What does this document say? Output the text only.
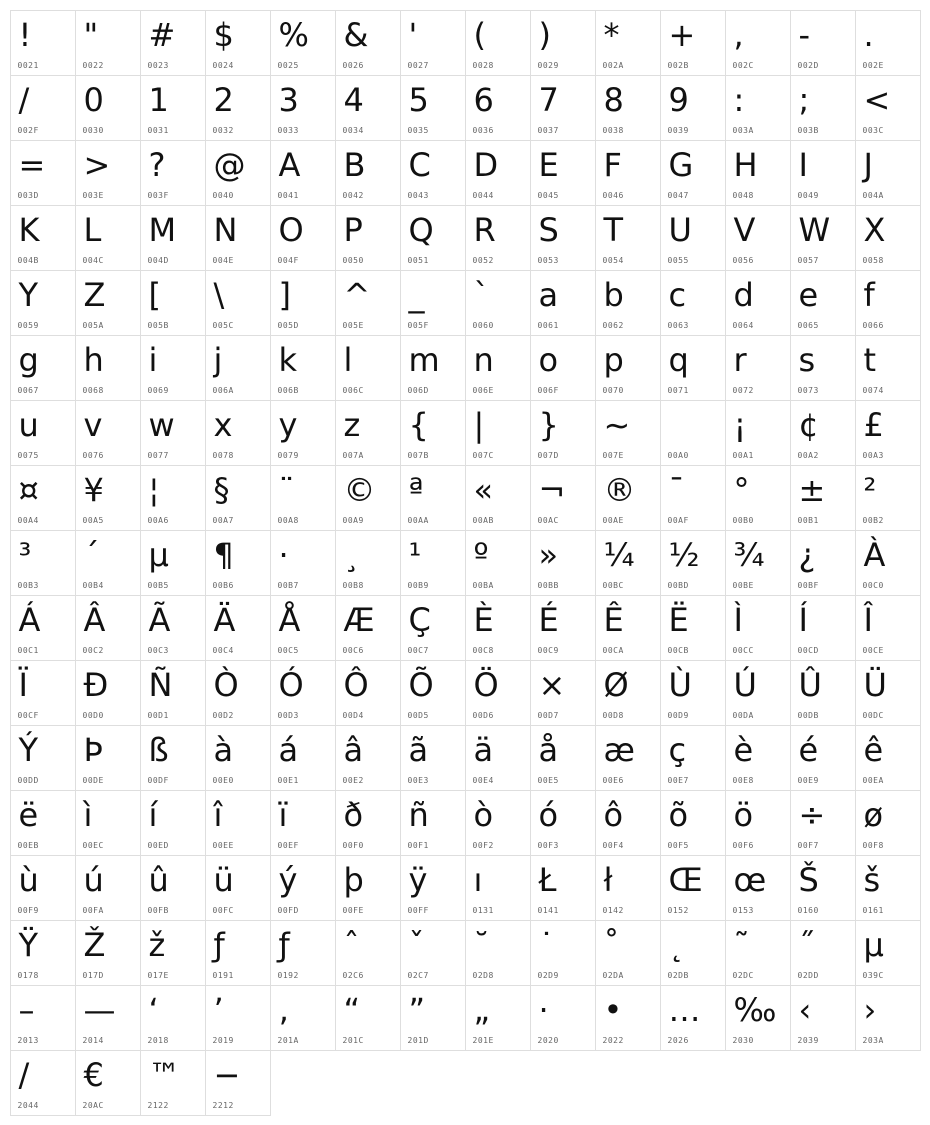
!
0021
"
0022
#
0023
$
0024
%
0025
&
0026
'
0027
(
0028
)
0029
*
002A
+
002B
,
002C
-
002D
.
002E
/
002F
0
0030
1
0031
2
0032
3
0033
4
0034
5
0035
6
0036
7
0037
8
0038
9
0039
:
003A
;
003B
<
003C
=
003D
>
003E
?
003F
@
0040
A
0041
B
0042
C
0043
D
0044
E
0045
F
0046
G
0047
H
0048
I
0049
J
004A
K
004B
L
004C
M
004D
N
004E
O
004F
P
0050
Q
0051
R
0052
S
0053
T
0054
U
0055
V
0056
W
0057
X
0058
Y
0059
Z
005A
[
005B
\
005C
]
005D
^
005E
_
005F
`
0060
a
0061
b
0062
c
0063
d
0064
e
0065
f
0066
g
0067
h
0068
i
0069
j
006A
k
006B
l
006C
m
006D
n
006E
o
006F
p
0070
q
0071
r
0072
s
0073
t
0074
u
0075
v
0076
w
0077
x
0078
y
0079
z
007A
{
007B
|
007C
}
007D
~
007E
	00A0
¡
00A1
¢
00A2
£
00A3
¤
00A4
¥
00A5
¦
00A6
§
00A7
¨
00A8
©
00A9
ª
00AA
«
00AB
¬
00AC
®
00AE
¯
00AF
°
00B0
±
00B1
²
00B2
³
00B3
´
00B4
µ
00B5
¶
00B6
·
00B7
¸
00B8
¹
00B9
º
00BA
»
00BB
¼
00BC
½
00BD
¾
00BE
¿
00BF
À
00C0
Á
00C1
Â
00C2
Ã
00C3
Ä
00C4
Å
00C5
Æ
00C6
Ç
00C7
È
00C8
É
00C9
Ê
00CA
Ë
00CB
Ì
00CC
Í
00CD
Î
00CE
Ï
00CF
Ð
00D0
Ñ
00D1
Ò
00D2
Ó
00D3
Ô
00D4
Õ
00D5
Ö
00D6
×
00D7
Ø
00D8
Ù
00D9
Ú
00DA
Û
00DB
Ü
00DC
Ý
00DD
Þ
00DE
ß
00DF
à
00E0
á
00E1
â
00E2
ã
00E3
ä
00E4
å
00E5
æ
00E6
ç
00E7
è
00E8
é
00E9
ê
00EA
ë
00EB
ì
00EC
í
00ED
î
00EE
ï
00EF
ð
00F0
ñ
00F1
ò
00F2
ó
00F3
ô
00F4
õ
00F5
ö
00F6
÷
00F7
ø
00F8
ù
00F9
ú
00FA
û
00FB
ü
00FC
ý
00FD
þ
00FE
ÿ
00FF
ı
0131
Ł
0141
ł
0142
Œ
0152
œ
0153
Š
0160
š
0161
Ÿ
0178
Ž
017D
ž
017E
ƒ
0191
ƒ
0192
ˆ
02C6
ˇ
02C7
˘
02D8
˙
02D9
˚
02DA
˛
02DB
˜
02DC
˝
02DD
μ
039C
–
2013
—
2014
‘
2018
’
2019
‚
201A
“
201C
”
201D
„
201E
·
2020
•
2022
…
2026
‰
2030
‹
2039
›
203A
/
2044
€
20AC
™
2122
−
2212
